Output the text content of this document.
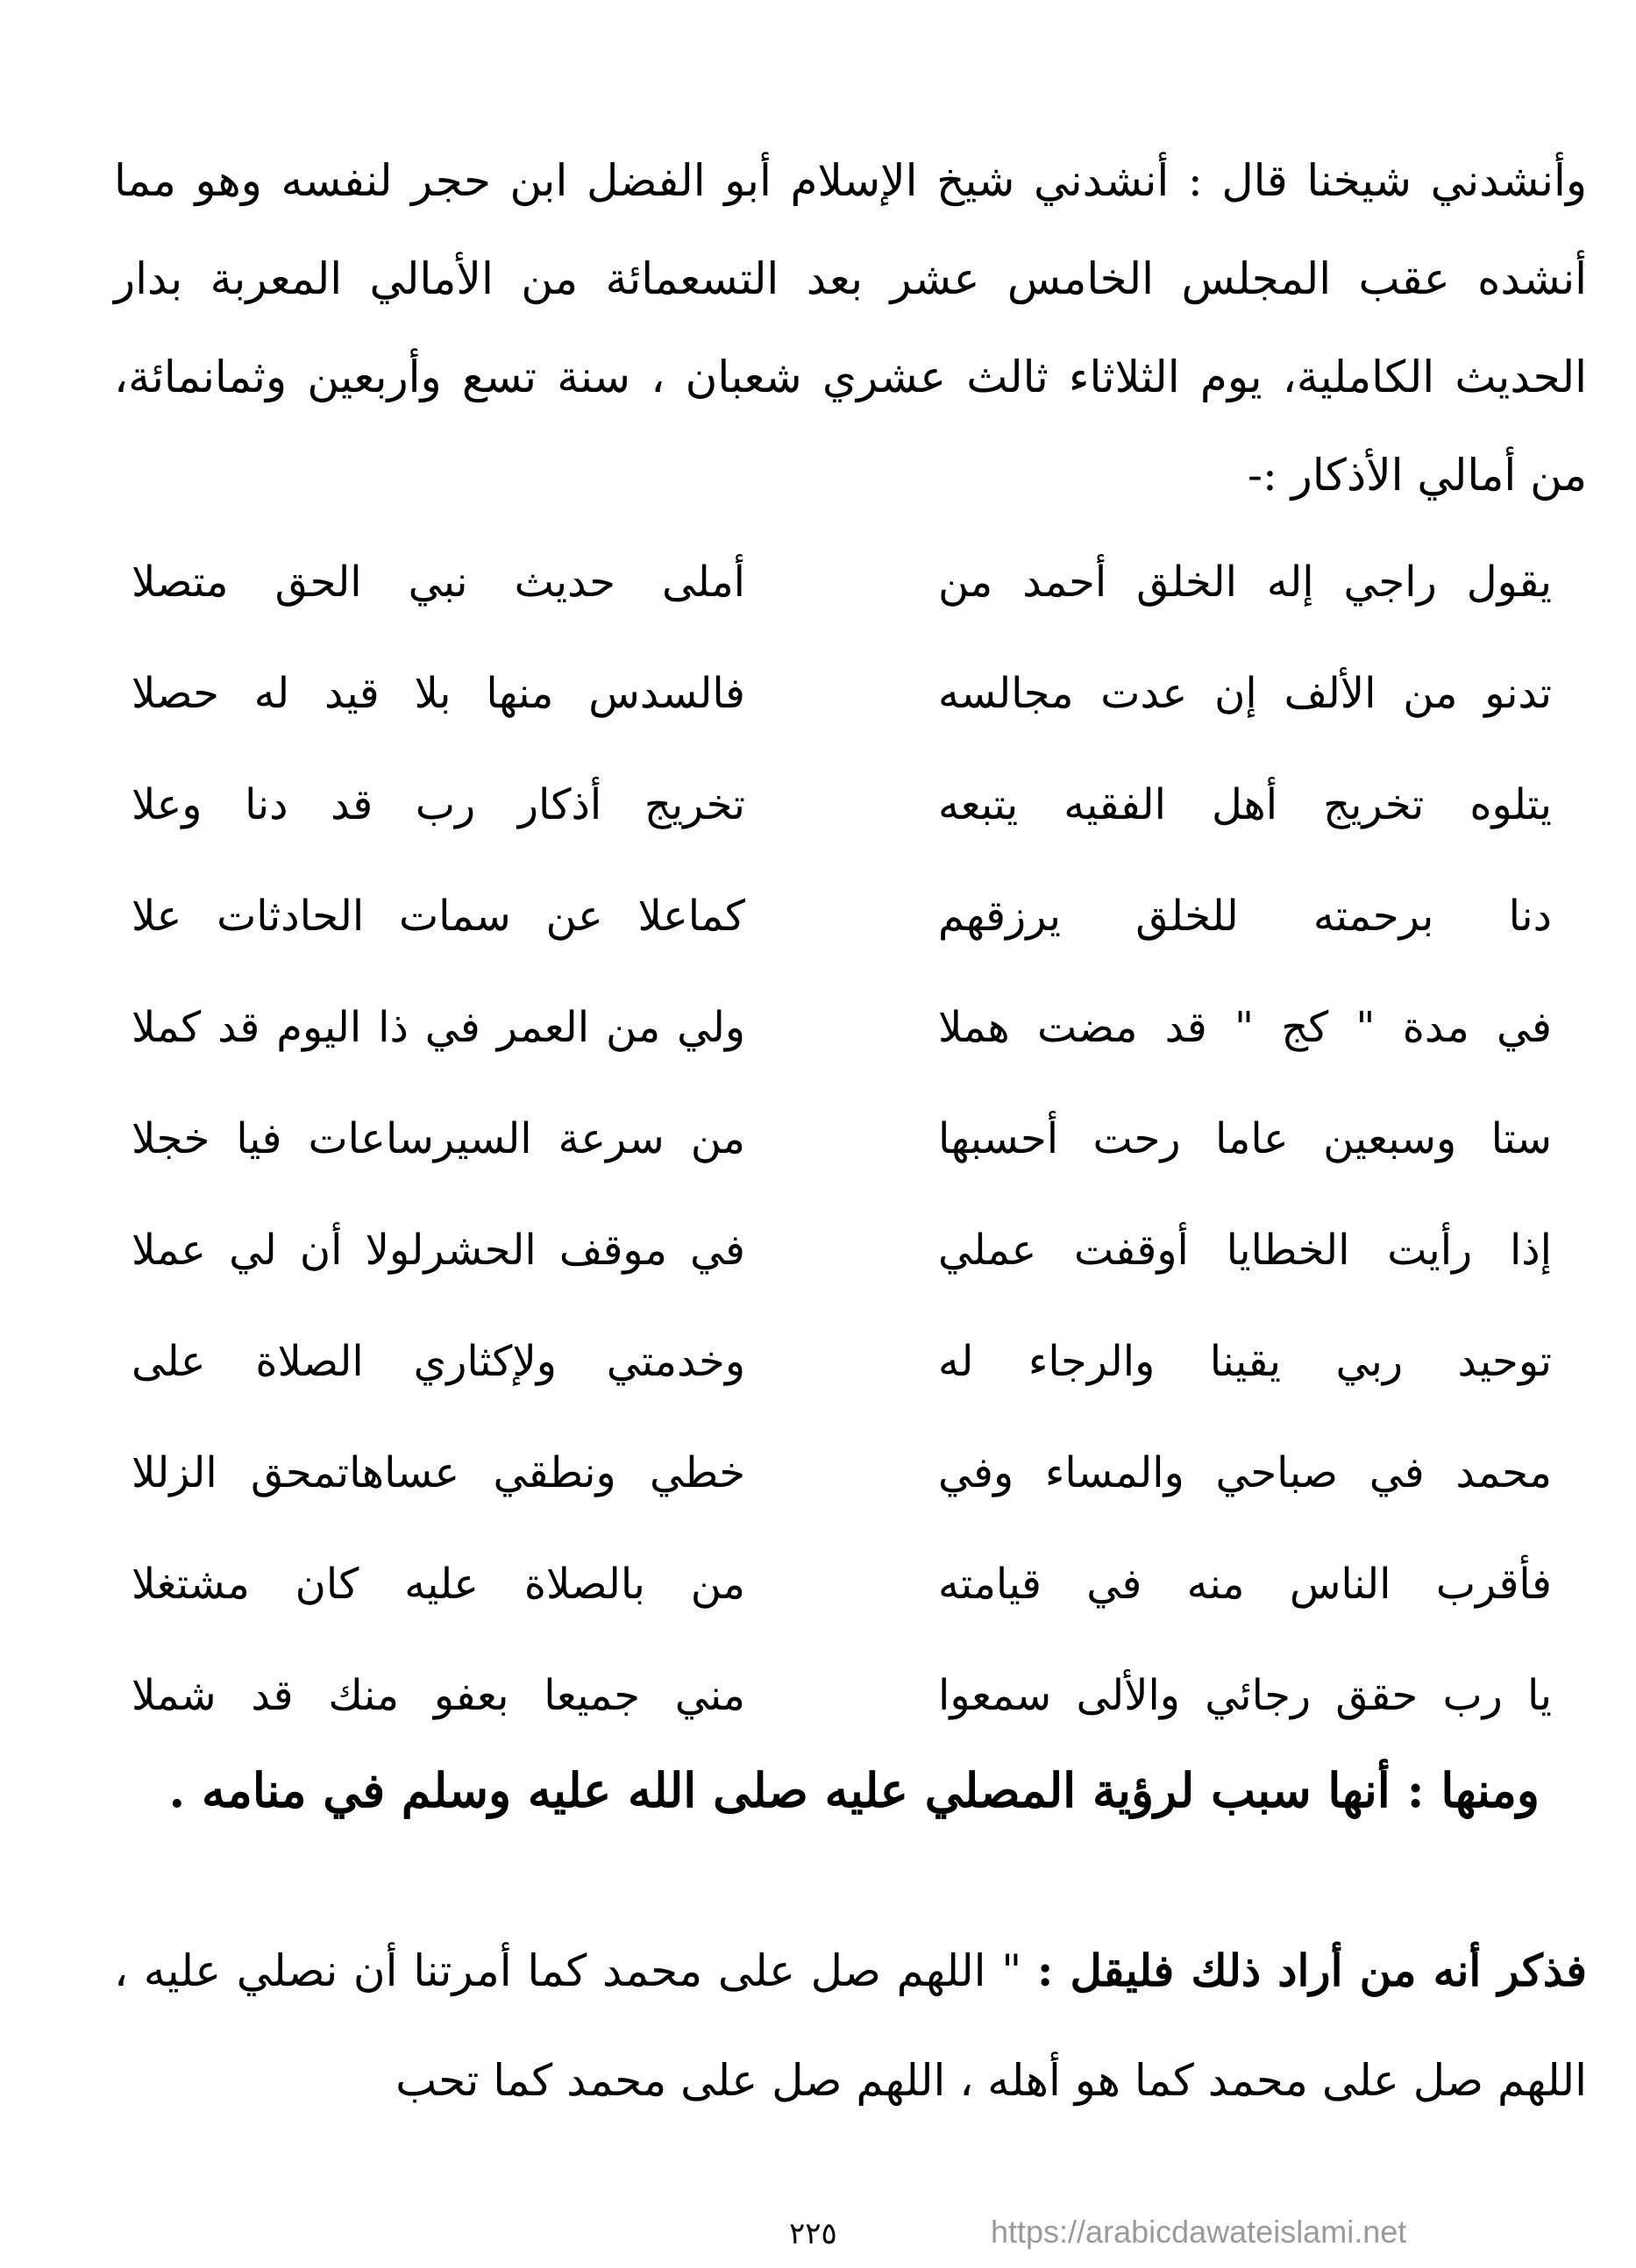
وأنشدني شيخنا قال : أنشدني شيخ الإسلام أبو الفضل ابن حجر لنفسه وهو مما أنشده عقب المجلس الخامس عشر بعد التسعمائة من الأمالي المعربة بدار الحديث الكاملية، يوم الثلاثاء ثالث عشري شعبان ، سنة تسع وأربعين وثمانمائة، من أمالي الأذكار :-

يقول راجي إله الخلق أحمد من
أملى حديث نبي الحق متصلا
تدنو من الألف إن عدت مجالسه
فالسدس منها بلا قيد له حصلا
يتلوه تخريج أهل الفقيه يتبعه
تخريج أذكار رب قد دنا وعلا
دنا برحمته للخلق يرزقهم
كماعلا عن سمات الحادثات علا
في مدة " كج " قد مضت هملا
ولي من العمر في ذا اليوم قد كملا
ستا وسبعين عاما رحت أحسبها
من سرعة السيرساعات فيا خجلا
إذا رأيت الخطايا أوقفت عملي
في موقف الحشرلولا أن لي عملا
توحيد ربي يقينا والرجاء له
وخدمتي ولإكثاري الصلاة على
محمد في صباحي والمساء وفي
خطي ونطقي عساهاتمحق الزللا
فأقرب الناس منه في قيامته
من بالصلاة عليه كان مشتغلا
يا رب حقق رجائي والألى سمعوا
مني جميعا بعفو منك قد شملا
ومنها : أنها سبب لرؤية المصلي عليه صلى الله عليه وسلم في منامه .

فذكر أنه من أراد ذلك فليقل : " اللهم صل على محمد كما أمرتنا أن نصلي عليه ، اللهم صل على محمد كما هو أهله ، اللهم صل على محمد كما تحب

٢٢٥	https://arabicdawateislami.net
